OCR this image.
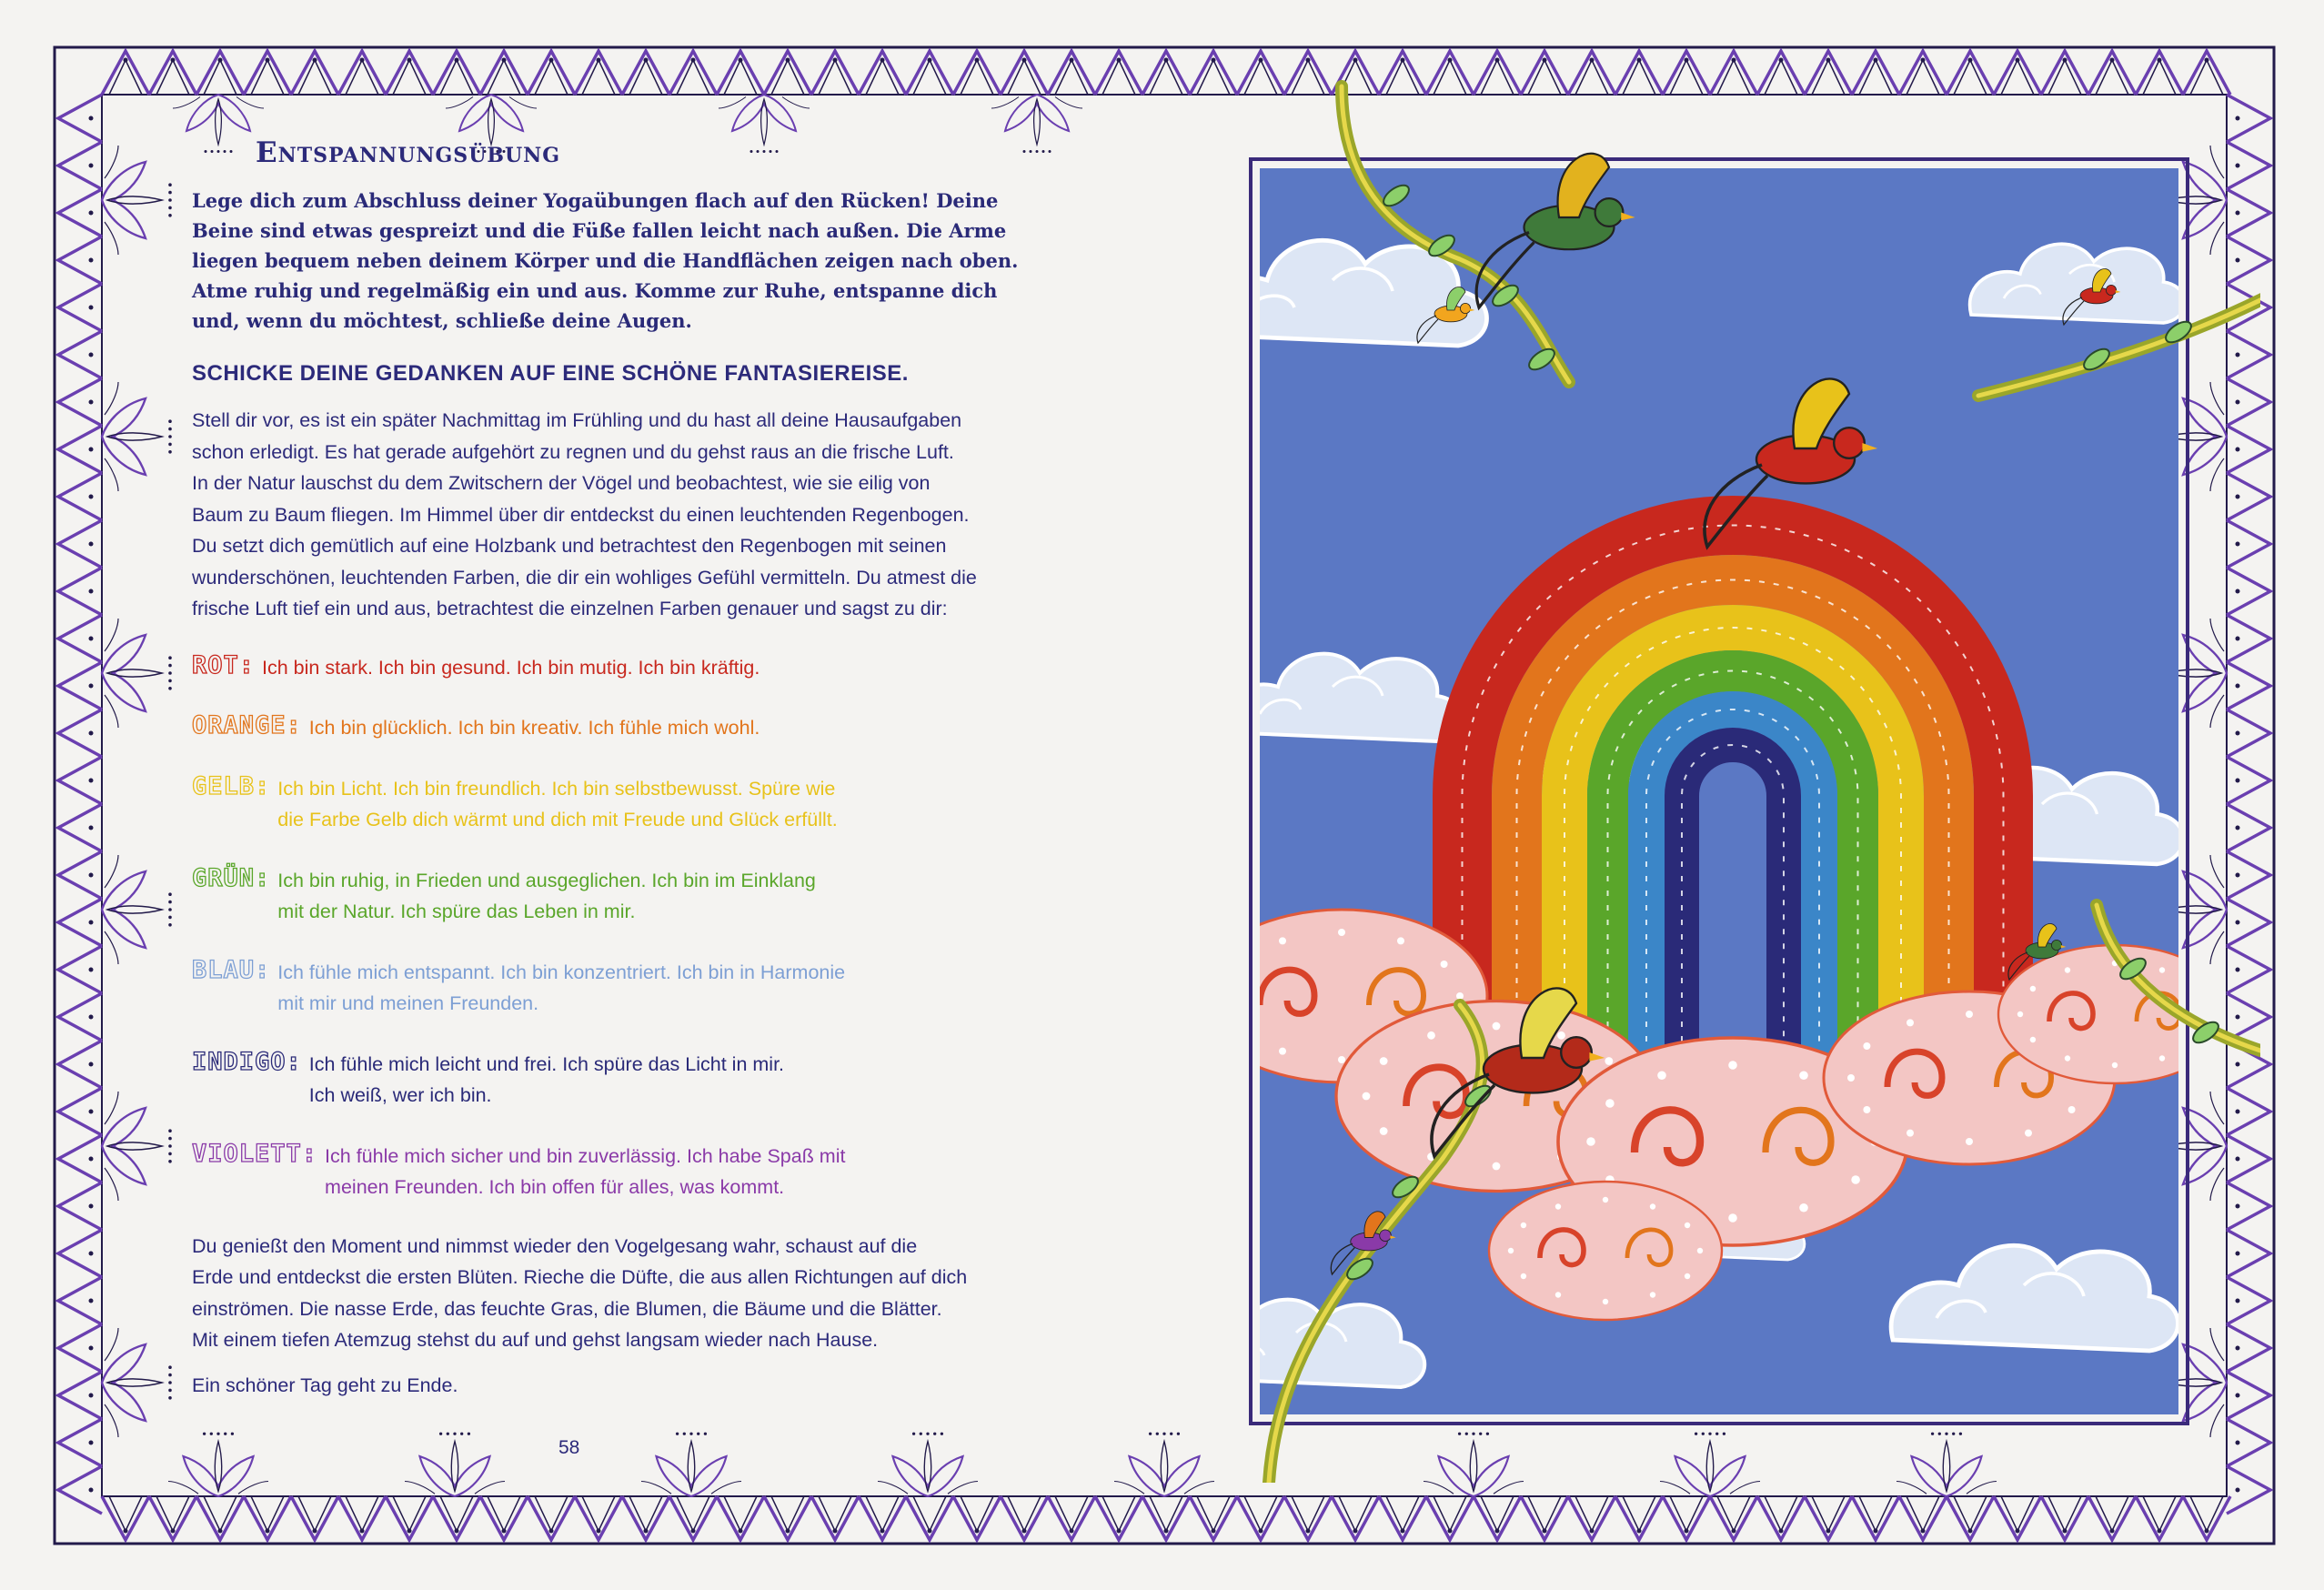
Entspannungsübung

Lege dich zum Abschluss deiner Yogaübungen flach auf den Rücken! Deine
Beine sind etwas gespreizt und die Füße fallen leicht nach außen. Die Arme
liegen bequem neben deinem Körper und die Handflächen zeigen nach oben.
Atme ruhig und regelmäßig ein und aus. Komme zur Ruhe, entspanne dich
und, wenn du möchtest, schließe deine Augen.

SCHICKE DEINE GEDANKEN AUF EINE SCHÖNE FANTASIEREISE.

Stell dir vor, es ist ein später Nachmittag im Frühling und du hast all deine Hausaufgaben
schon erledigt. Es hat gerade aufgehört zu regnen und du gehst raus an die frische Luft.
In der Natur lauschst du dem Zwitschern der Vögel und beobachtest, wie sie eilig von
Baum zu Baum fliegen. Im Himmel über dir entdeckst du einen leuchtenden Regenbogen.
Du setzt dich gemütlich auf eine Holzbank und betrachtest den Regenbogen mit seinen
wunderschönen, leuchtenden Farben, die dir ein wohliges Gefühl vermitteln. Du atmest die
frische Luft tief ein und aus, betrachtest die einzelnen Farben genauer und sagst zu dir:

ROT: Ich bin stark. Ich bin gesund. Ich bin mutig. Ich bin kräftig.
ORANGE: Ich bin glücklich. Ich bin kreativ. Ich fühle mich wohl.
GELB: Ich bin Licht. Ich bin freundlich. Ich bin selbstbewusst. Spüre wie
die Farbe Gelb dich wärmt und dich mit Freude und Glück erfüllt.
GRÜN: Ich bin ruhig, in Frieden und ausgeglichen. Ich bin im Einklang
mit der Natur. Ich spüre das Leben in mir.
BLAU: Ich fühle mich entspannt. Ich bin konzentriert. Ich bin in Harmonie
mit mir und meinen Freunden.
INDIGO: Ich fühle mich leicht und frei. Ich spüre das Licht in mir.
Ich weiß, wer ich bin.
VIOLETT: Ich fühle mich sicher und bin zuverlässig. Ich habe Spaß mit
meinen Freunden. Ich bin offen für alles, was kommt.

Du genießt den Moment und nimmst wieder den Vogelgesang wahr, schaust auf die
Erde und entdeckst die ersten Blüten. Rieche die Düfte, die aus allen Richtungen auf dich
einströmen. Die nasse Erde, das feuchte Gras, die Blumen, die Bäume und die Blätter.
Mit einem tiefen Atemzug stehst du auf und gehst langsam wieder nach Hause.

Ein schöner Tag geht zu Ende.
58
